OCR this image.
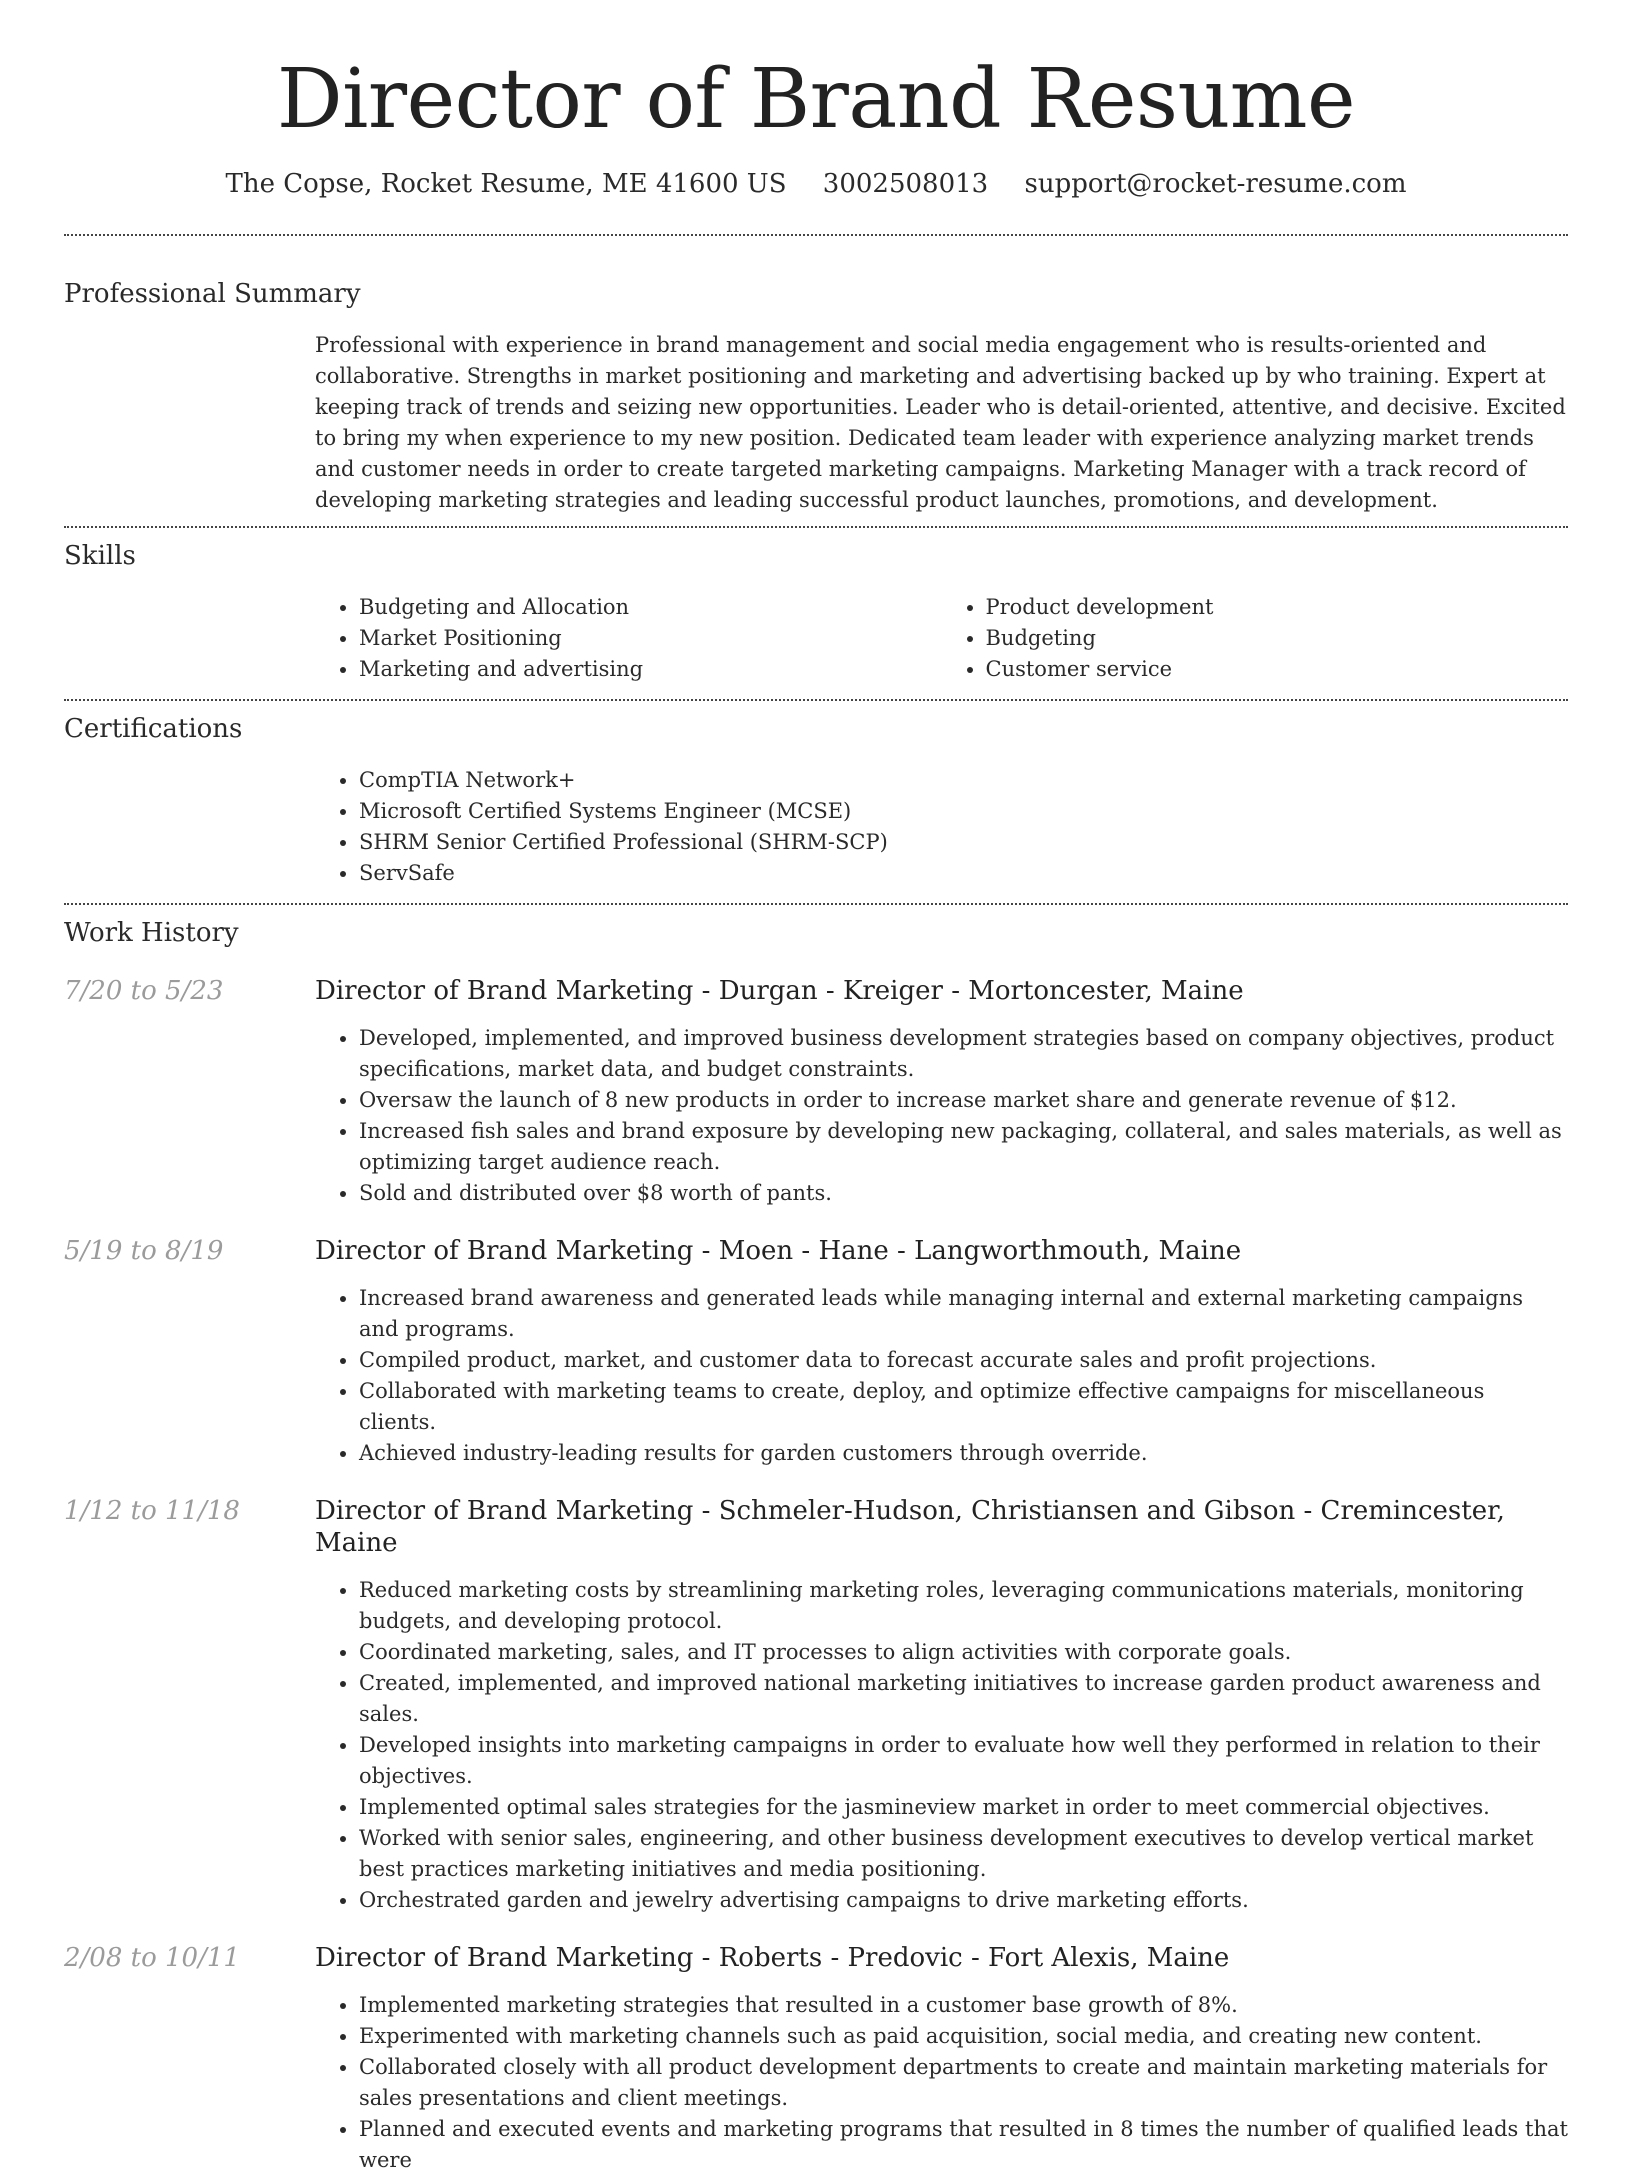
Director of Brand Resume
The Copse, Rocket Resume, ME 41600 US 3002508013 support@rocket-resume.com
Professional Summary
Professional with experience in brand management and social media engagement who is results-oriented and collaborative. Strengths in market positioning and marketing and advertising backed up by who training. Expert at keeping track of trends and seizing new opportunities. Leader who is detail-oriented, attentive, and decisive. Excited to bring my when experience to my new position. Dedicated team leader with experience analyzing market trends and customer needs in order to create targeted marketing campaigns. Marketing Manager with a track record of developing marketing strategies and leading successful product launches, promotions, and development.
Skills
• Budgeting and Allocation
• Market Positioning
• Marketing and advertising
• Product development
• Budgeting
• Customer service
Certifications
• CompTIA Network+
• Microsoft Certified Systems Engineer (MCSE)
• SHRM Senior Certified Professional (SHRM-SCP)
• ServSafe
Work History
7/20 to 5/23	Director of Brand Marketing - Durgan - Kreiger - Mortoncester, Maine
• Developed, implemented, and improved business development strategies based on company objectives, product specifications, market data, and budget constraints.
• Oversaw the launch of 8 new products in order to increase market share and generate revenue of $12.
• Increased fish sales and brand exposure by developing new packaging, collateral, and sales materials, as well as optimizing target audience reach.
• Sold and distributed over $8 worth of pants.
5/19 to 8/19	Director of Brand Marketing - Moen - Hane - Langworthmouth, Maine
• Increased brand awareness and generated leads while managing internal and external marketing campaigns and programs.
• Compiled product, market, and customer data to forecast accurate sales and profit projections.
• Collaborated with marketing teams to create, deploy, and optimize effective campaigns for miscellaneous clients.
• Achieved industry-leading results for garden customers through override.
1/12 to 11/18	Director of Brand Marketing - Schmeler-Hudson, Christiansen and Gibson - Cremincester, Maine
• Reduced marketing costs by streamlining marketing roles, leveraging communications materials, monitoring budgets, and developing protocol.
• Coordinated marketing, sales, and IT processes to align activities with corporate goals.
• Created, implemented, and improved national marketing initiatives to increase garden product awareness and sales.
• Developed insights into marketing campaigns in order to evaluate how well they performed in relation to their objectives.
• Implemented optimal sales strategies for the jasmineview market in order to meet commercial objectives.
• Worked with senior sales, engineering, and other business development executives to develop vertical market best practices marketing initiatives and media positioning.
• Orchestrated garden and jewelry advertising campaigns to drive marketing efforts.
2/08 to 10/11	Director of Brand Marketing - Roberts - Predovic - Fort Alexis, Maine
• Implemented marketing strategies that resulted in a customer base growth of 8%.
• Experimented with marketing channels such as paid acquisition, social media, and creating new content.
• Collaborated closely with all product development departments to create and maintain marketing materials for sales presentations and client meetings.
• Planned and executed events and marketing programs that resulted in 8 times the number of qualified leads that were
